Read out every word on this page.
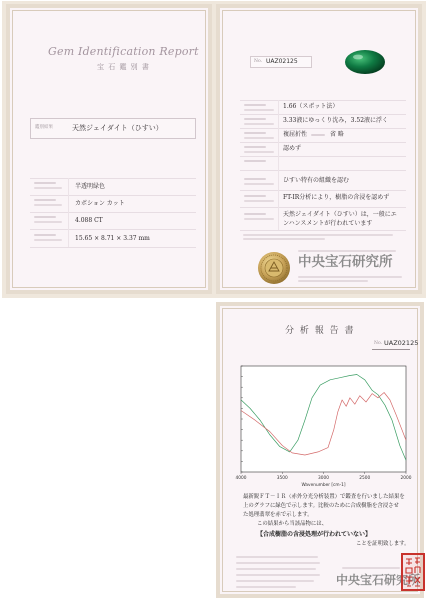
Gem Identification Report
宝 石 鑑 別 書
鑑別結果	天然ジェイダイト（ひすい）
半透明緑色
カボション カット
4.088 CT
15.65 × 8.71 × 3.37 mm
No. UAZ02125
1.66（スポット法）
3.33液にゆっくり沈み，3.52液に浮く
複屈折性	省 略
認めず
ひすい特有の組織を認む
FT-IR分析により，樹脂の含浸を認めず
天然ジェイダイト（ひすい）は，一般にエ
ンハンスメントが行われています
中央宝石研究所
分 析 報 告 書
No. UAZ02125
4000	3500	3000	2500	2000
Wavenumber [cm-1]
最新鋭ＦＴ－ＩＲ（赤外分光分析装置）で鑑査を行いました結果を
上のグラフに緑色で示します。比較のために合成樹脂を含浸させ
た処理翡翠を赤で示します。
この結果から当該品物には、
【合成樹脂の含浸処理が行われていない】
ことを証明致します。
中央宝石研究所
